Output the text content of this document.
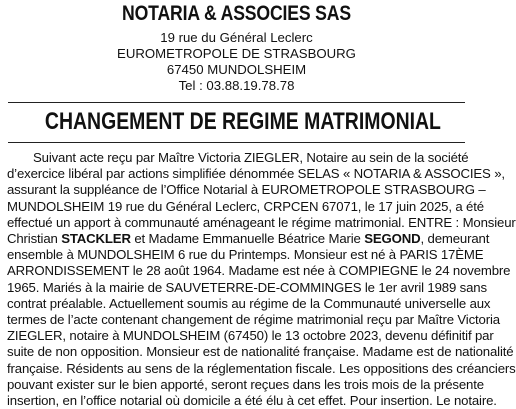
NOTARIA & ASSOCIES SAS
19 rue du Général Leclerc
EUROMETROPOLE DE STRASBOURG
67450 MUNDOLSHEIM
Tel : 03.88.19.78.78
CHANGEMENT DE REGIME MATRIMONIAL
Suivant acte reçu par Maître Victoria ZIEGLER, Notaire au sein de la société
d’exercice libéral par actions simplifiée dénommée SELAS « NOTARIA & ASSOCIES »,
assurant la suppléance de l’Office Notarial à EUROMETROPOLE STRASBOURG –
MUNDOLSHEIM 19 rue du Général Leclerc, CRPCEN 67071, le 17 juin 2025, a été
effectué un apport à communauté aménageant le régime matrimonial. ENTRE : Monsieur
Christian STACKLER et Madame Emmanuelle Béatrice Marie SEGOND, demeurant
ensemble à MUNDOLSHEIM 6 rue du Printemps. Monsieur est né à PARIS 17ÈME
ARRONDISSEMENT le 28 août 1964. Madame est née à COMPIEGNE le 24 novembre
1965. Mariés à la mairie de SAUVETERRE-DE-COMMINGES le 1er avril 1989 sans
contrat préalable. Actuellement soumis au régime de la Communauté universelle aux
termes de l’acte contenant changement de régime matrimonial reçu par Maître Victoria
ZIEGLER, notaire à MUNDOLSHEIM (67450) le 13 octobre 2023, devenu définitif par
suite de non opposition. Monsieur est de nationalité française. Madame est de nationalité
française. Résidents au sens de la réglementation fiscale. Les oppositions des créanciers
pouvant exister sur le bien apporté, seront reçues dans les trois mois de la présente
insertion, en l’office notarial où domicile a été élu à cet effet. Pour insertion. Le notaire.
